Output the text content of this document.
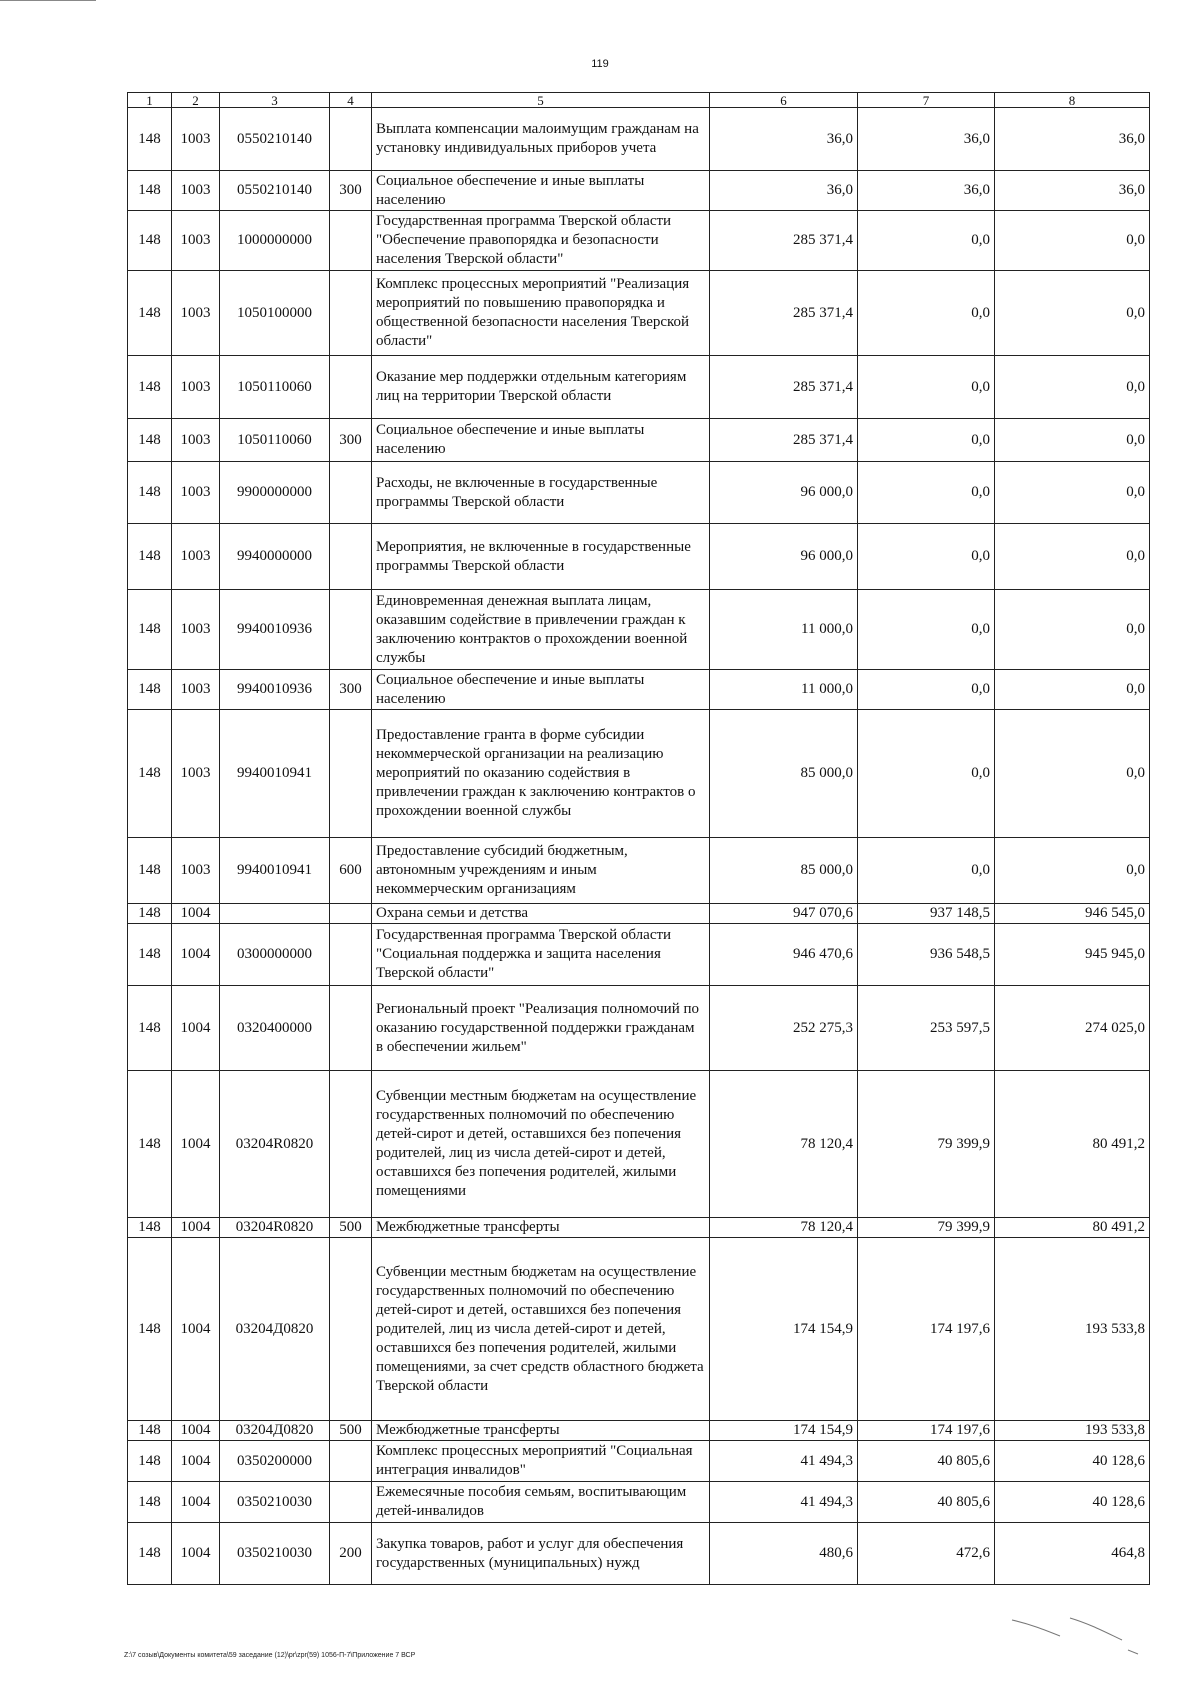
119
1	2	3	4	5	6	7	8
148	1003	0550210140		Выплата компенсации малоимущим гражданам на установку индивидуальных приборов учета	36,0	36,0	36,0
148	1003	0550210140	300	Социальное обеспечение и иные выплаты населению	36,0	36,0	36,0
148	1003	1000000000		Государственная программа Тверской области "Обеспечение правопорядка и безопасности населения Тверской области"	285 371,4	0,0	0,0
148	1003	1050100000		Комплекс процессных мероприятий "Реализация мероприятий по повышению правопорядка и общественной безопасности населения Тверской области"	285 371,4	0,0	0,0
148	1003	1050110060		Оказание мер поддержки отдельным категориям лиц на территории Тверской области	285 371,4	0,0	0,0
148	1003	1050110060	300	Социальное обеспечение и иные выплаты населению	285 371,4	0,0	0,0
148	1003	9900000000		Расходы, не включенные в государственные программы Тверской области	96 000,0	0,0	0,0
148	1003	9940000000		Мероприятия, не включенные в государственные программы Тверской области	96 000,0	0,0	0,0
148	1003	9940010936		Единовременная денежная выплата лицам, оказавшим содействие в привлечении граждан к заключению контрактов о прохождении военной службы	11 000,0	0,0	0,0
148	1003	9940010936	300	Социальное обеспечение и иные выплаты населению	11 000,0	0,0	0,0
148	1003	9940010941		Предоставление гранта в форме субсидии некоммерческой организации на реализацию мероприятий по оказанию содействия в привлечении граждан к заключению контрактов о прохождении военной службы	85 000,0	0,0	0,0
148	1003	9940010941	600	Предоставление субсидий бюджетным, автономным учреждениям и иным некоммерческим организациям	85 000,0	0,0	0,0
148	1004			Охрана семьи и детства	947 070,6	937 148,5	946 545,0
148	1004	0300000000		Государственная программа Тверской области "Социальная поддержка и защита населения Тверской области"	946 470,6	936 548,5	945 945,0
148	1004	0320400000		Региональный проект "Реализация полномочий по оказанию государственной поддержки гражданам в обеспечении жильем"	252 275,3	253 597,5	274 025,0
148	1004	03204R0820		Субвенции местным бюджетам на осуществление государственных полномочий по обеспечению детей-сирот и детей, оставшихся без попечения родителей, лиц из числа детей-сирот и детей, оставшихся без попечения родителей, жилыми помещениями	78 120,4	79 399,9	80 491,2
148	1004	03204R0820	500	Межбюджетные трансферты	78 120,4	79 399,9	80 491,2
148	1004	03204Д0820		Субвенции местным бюджетам на осуществление государственных полномочий по обеспечению детей-сирот и детей, оставшихся без попечения родителей, лиц из числа детей-сирот и детей, оставшихся без попечения родителей, жилыми помещениями, за счет средств областного бюджета Тверской области	174 154,9	174 197,6	193 533,8
148	1004	03204Д0820	500	Межбюджетные трансферты	174 154,9	174 197,6	193 533,8
148	1004	0350200000		Комплекс процессных мероприятий "Социальная интеграция инвалидов"	41 494,3	40 805,6	40 128,6
148	1004	0350210030		Ежемесячные пособия семьям, воспитывающим детей-инвалидов	41 494,3	40 805,6	40 128,6
148	1004	0350210030	200	Закупка товаров, работ и услуг для обеспечения государственных (муниципальных) нужд	480,6	472,6	464,8
Z:\7 созыв\Документы комитета\59 заседание (12)\pr\zpr(59) 1056-П-7\Приложение 7 ВСР
